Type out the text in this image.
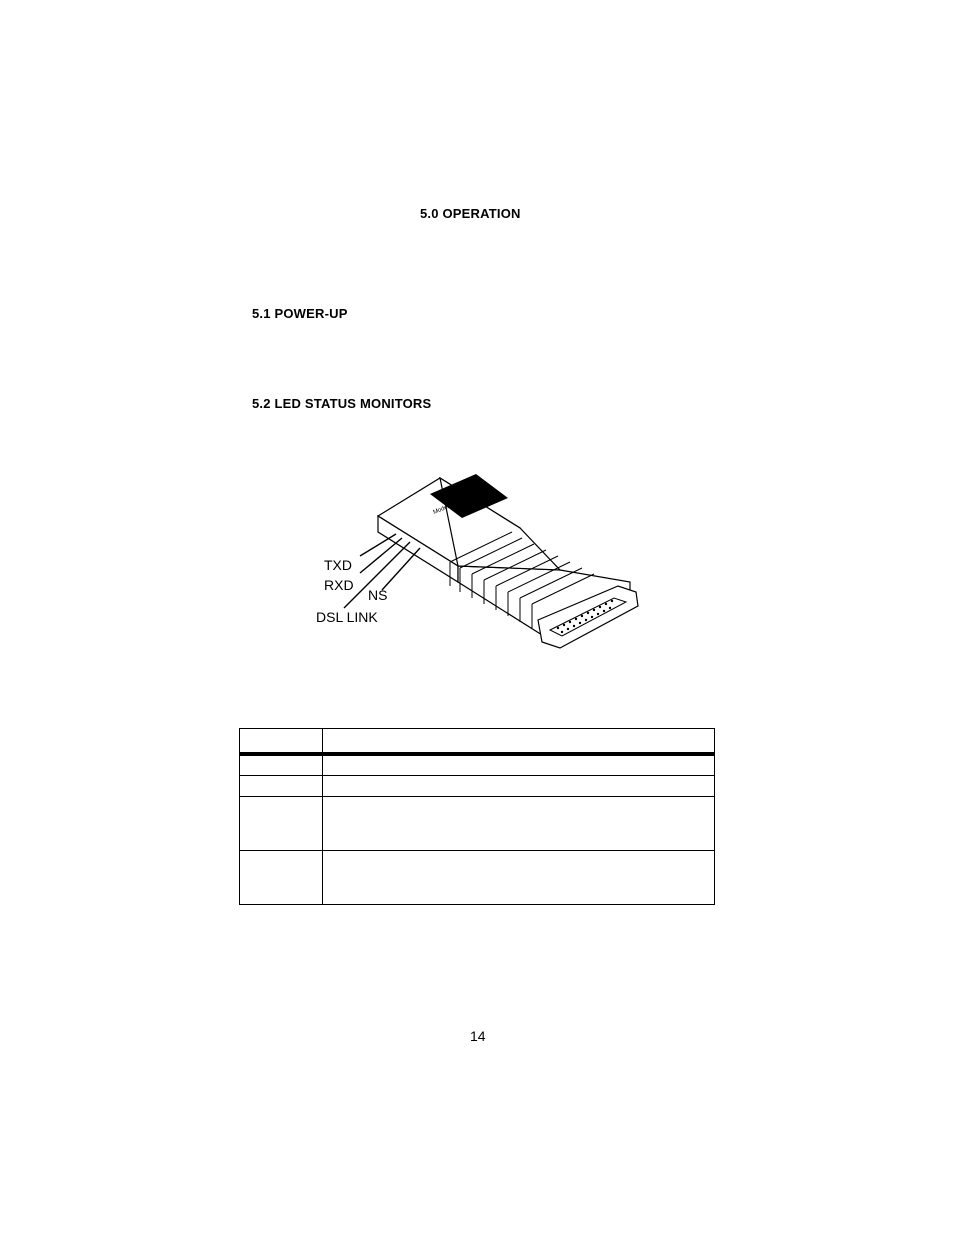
5.0 OPERATION
5.1 POWER-UP
5.2 LED STATUS MONITORS
Model 1055A
TXD
RXD
NS
DSL LINK
14
